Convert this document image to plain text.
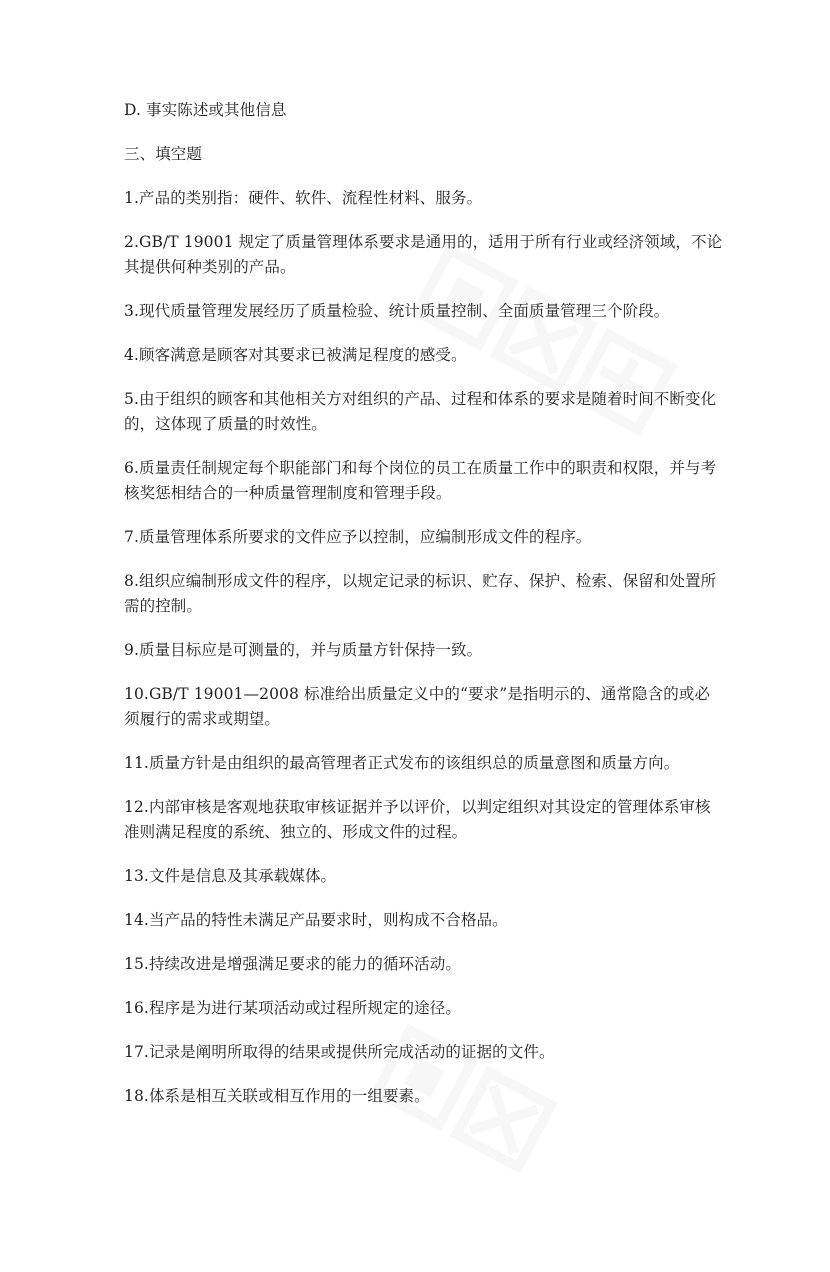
D. 事实陈述或其他信息

三、填空题

1.产品的类别指：硬件、软件、流程性材料、服务。

2.GB/T 19001 规定了质量管理体系要求是通用的，适用于所有行业或经济领域，不论其提供何种类别的产品。

3.现代质量管理发展经历了质量检验、统计质量控制、全面质量管理三个阶段。

4.顾客满意是顾客对其要求已被满足程度的感受。

5.由于组织的顾客和其他相关方对组织的产品、过程和体系的要求是随着时间不断变化的，这体现了质量的时效性。

6.质量责任制规定每个职能部门和每个岗位的员工在质量工作中的职责和权限，并与考核奖惩相结合的一种质量管理制度和管理手段。

7.质量管理体系所要求的文件应予以控制，应编制形成文件的程序。

8.组织应编制形成文件的程序，以规定记录的标识、贮存、保护、检索、保留和处置所需的控制。

9.质量目标应是可测量的，并与质量方针保持一致。

10.GB/T 19001—2008 标准给出质量定义中的“要求”是指明示的、通常隐含的或必须履行的需求或期望。

11.质量方针是由组织的最高管理者正式发布的该组织总的质量意图和质量方向。

12.内部审核是客观地获取审核证据并予以评价，以判定组织对其设定的管理体系审核准则满足程度的系统、独立的、形成文件的过程。

13.文件是信息及其承载媒体。

14.当产品的特性未满足产品要求时，则构成不合格品。

15.持续改进是增强满足要求的能力的循环活动。

16.程序是为进行某项活动或过程所规定的途径。

17.记录是阐明所取得的结果或提供所完成活动的证据的文件。

18.体系是相互关联或相互作用的一组要素。
